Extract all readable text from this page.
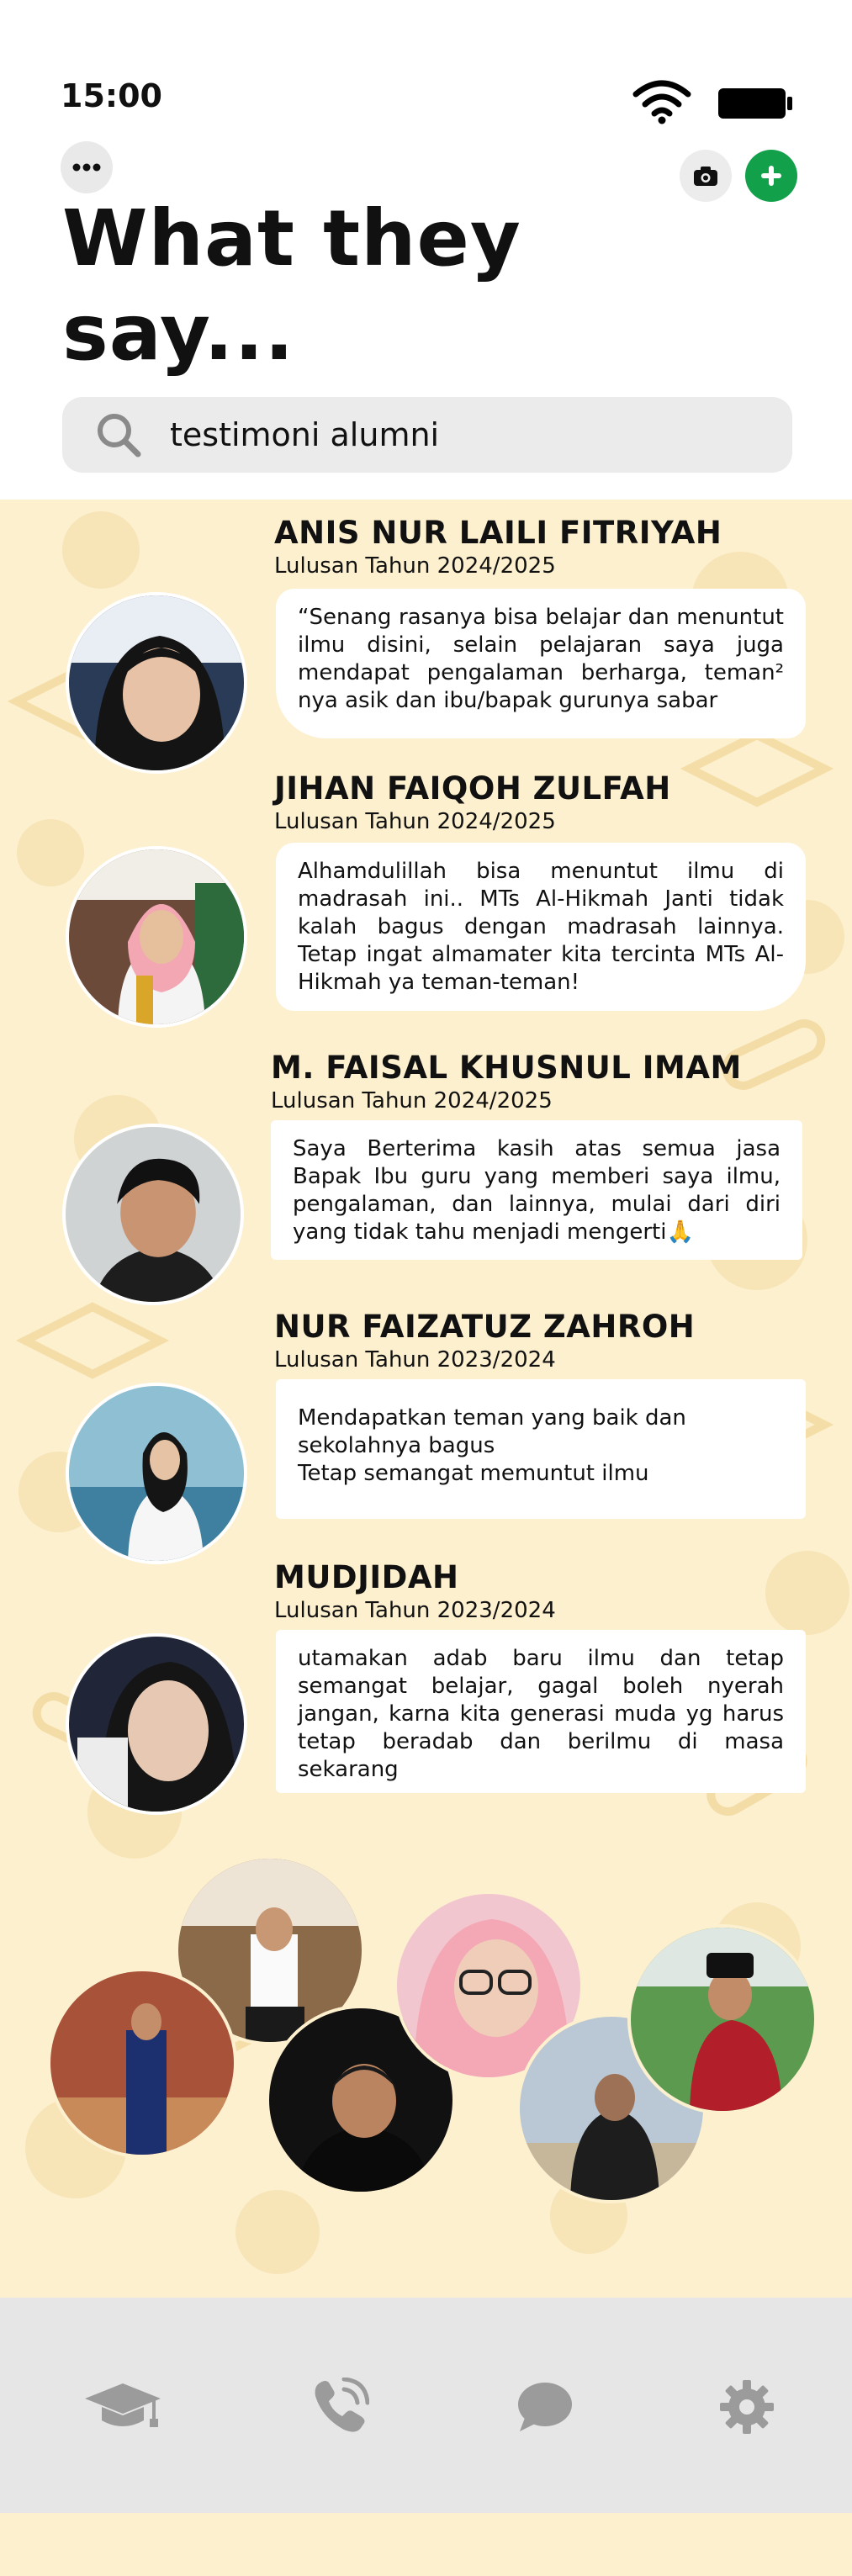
15:00
What they say...
testimoni alumni
ANIS NUR LAILI FITRIYAH
Lulusan Tahun 2024/2025
“Senang rasanya bisa belajar dan menuntut ilmu disini, selain pelajaran saya juga mendapat pengalaman berharga, teman² nya asik dan ibu/bapak gurunya sabar
JIHAN FAIQOH ZULFAH
Lulusan Tahun 2024/2025
Alhamdulillah bisa menuntut ilmu di madrasah ini.. MTs Al-Hikmah Janti tidak kalah bagus dengan madrasah lainnya. Tetap ingat almamater kita tercinta MTs Al-Hikmah ya teman-teman!
M. FAISAL KHUSNUL IMAM
Lulusan Tahun 2024/2025
Saya Berterima kasih atas semua jasa Bapak Ibu guru yang memberi saya ilmu, pengalaman, dan lainnya, mulai dari diri yang tidak tahu menjadi mengerti🙏
NUR FAIZATUZ ZAHROH
Lulusan Tahun 2023/2024
Mendapatkan teman yang baik dan sekolahnya bagus
Tetap semangat memuntut ilmu
MUDJIDAH
Lulusan Tahun 2023/2024
utamakan adab baru ilmu dan tetap semangat belajar, gagal boleh nyerah jangan, karna kita generasi muda yg harus tetap beradab dan berilmu di masa sekarang
